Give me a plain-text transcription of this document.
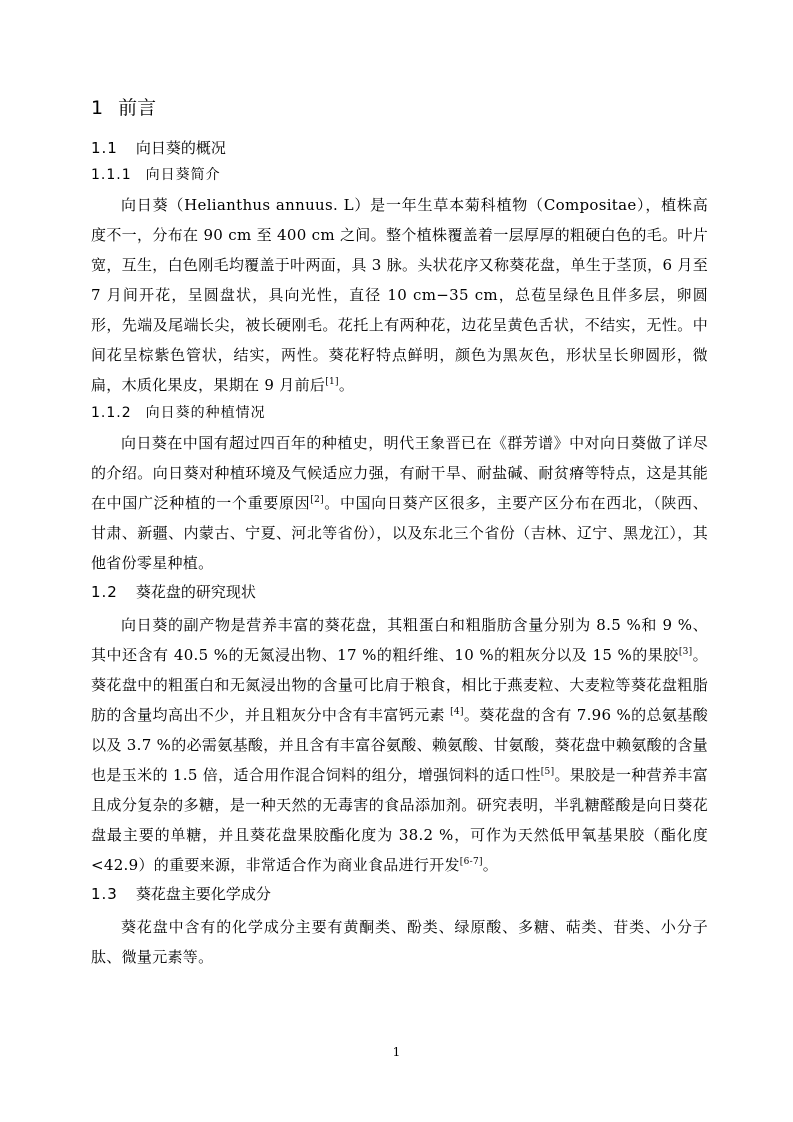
1 前言
1.1 向日葵的概况
1.1.1 向日葵简介

向日葵（Helianthus annuus. L）是一年生草本菊科植物（Compositae），植株高度不一，分布在 90 cm 至 400 cm 之间。整个植株覆盖着一层厚厚的粗硬白色的毛。叶片宽，互生，白色刚毛均覆盖于叶两面，具 3 脉。头状花序又称葵花盘，单生于茎顶，6 月至 7 月间开花，呈圆盘状，具向光性，直径 10 cm−35 cm，总苞呈绿色且伴多层，卵圆形，先端及尾端长尖，被长硬刚毛。花托上有两种花，边花呈黄色舌状，不结实，无性。中间花呈棕紫色管状，结实，两性。葵花籽特点鲜明，颜色为黑灰色，形状呈长卵圆形，微扁，木质化果皮，果期在 9 月前后[1]。

1.1.2 向日葵的种植情况

向日葵在中国有超过四百年的种植史，明代王象晋已在《群芳谱》中对向日葵做了详尽的介绍。向日葵对种植环境及气候适应力强，有耐干旱、耐盐碱、耐贫瘠等特点，这是其能在中国广泛种植的一个重要原因[2]。中国向日葵产区很多，主要产区分布在西北，（陕西、甘肃、新疆、内蒙古、宁夏、河北等省份），以及东北三个省份（吉林、辽宁、黑龙江），其他省份零星种植。

1.2 葵花盘的研究现状

向日葵的副产物是营养丰富的葵花盘，其粗蛋白和粗脂肪含量分别为 8.5 %和 9 %、其中还含有 40.5 %的无氮浸出物、17 %的粗纤维、10 %的粗灰分以及 15 %的果胶[3]。葵花盘中的粗蛋白和无氮浸出物的含量可比肩于粮食，相比于燕麦粒、大麦粒等葵花盘粗脂肪的含量均高出不少，并且粗灰分中含有丰富钙元素 [4]。葵花盘的含有 7.96 %的总氨基酸以及 3.7 %的必需氨基酸，并且含有丰富谷氨酸、赖氨酸、甘氨酸，葵花盘中赖氨酸的含量也是玉米的 1.5 倍，适合用作混合饲料的组分，增强饲料的适口性[5]。果胶是一种营养丰富且成分复杂的多糖，是一种天然的无毒害的食品添加剂。研究表明，半乳糖醛酸是向日葵花盘最主要的单糖，并且葵花盘果胶酯化度为 38.2 %，可作为天然低甲氧基果胶（酯化度<42.9）的重要来源，非常适合作为商业食品进行开发[6-7]。

1.3 葵花盘主要化学成分

葵花盘中含有的化学成分主要有黄酮类、酚类、绿原酸、多糖、萜类、苷类、小分子肽、微量元素等。

1
